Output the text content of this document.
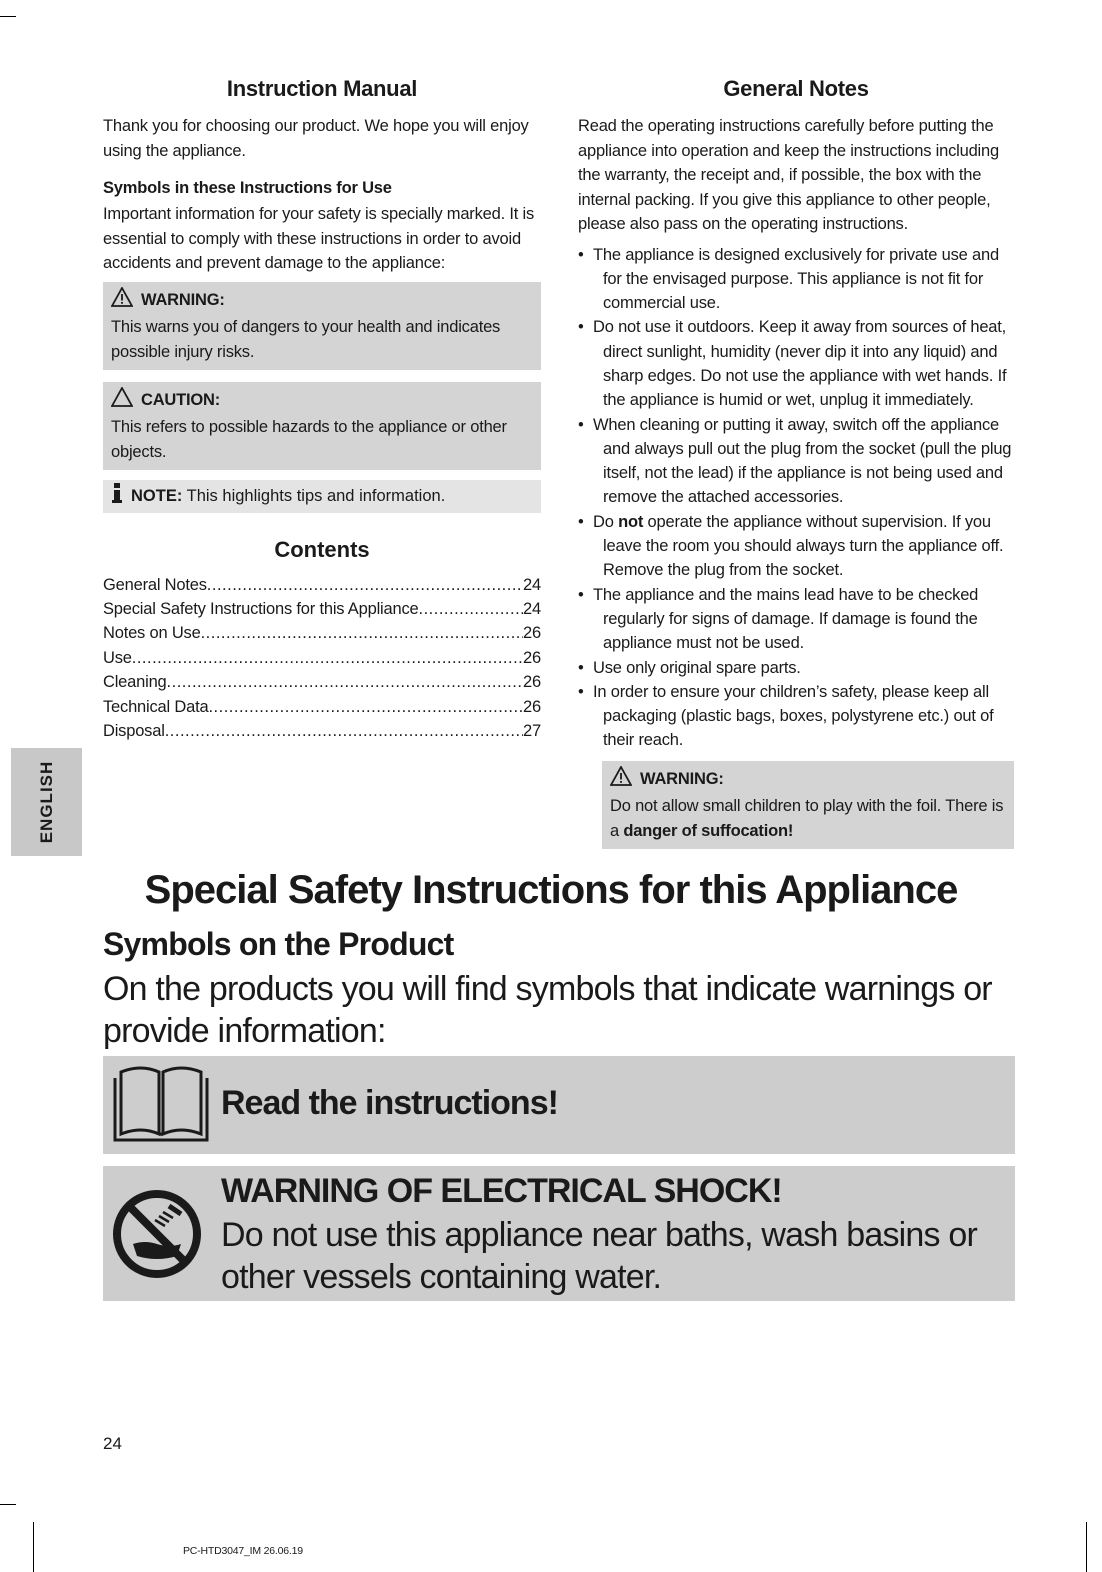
Instruction Manual

Thank you for choosing our product. We hope you will enjoy using the appliance.

Symbols in these Instructions for Use

Important information for your safety is specially marked. It is essential to comply with these instructions in order to avoid accidents and prevent damage to the appliance:

WARNING:
This warns you of dangers to your health and indicates possible injury risks.
CAUTION:
This refers to possible hazards to the appliance or other objects.
NOTE: This highlights tips and information.
Contents
General Notes .....	24
Special Safety Instructions for this Appliance .....	24
Notes on Use .....	26
Use .....	26
Cleaning .....	26
Technical Data .....	26
Disposal .....	27
General Notes

Read the operating instructions carefully before putting the appliance into operation and keep the instructions including the warranty, the receipt and, if possible, the box with the internal packing. If you give this appliance to other people, please also pass on the operating instructions.

• The appliance is designed exclusively for private use and for the envisaged purpose. This appliance is not fit for commercial use.
• Do not use it outdoors. Keep it away from sources of heat, direct sunlight, humidity (never dip it into any liquid) and sharp edges. Do not use the appliance with wet hands. If the appliance is humid or wet, unplug it immediately.
• When cleaning or putting it away, switch off the appliance and always pull out the plug from the socket (pull the plug itself, not the lead) if the appliance is not being used and remove the attached accessories.
• Do not operate the appliance without supervision. If you leave the room you should always turn the appliance off. Remove the plug from the socket.
• The appliance and the mains lead have to be checked regularly for signs of damage. If damage is found the appliance must not be used.
• Use only original spare parts.
• In order to ensure your children’s safety, please keep all packaging (plastic bags, boxes, polystyrene etc.) out of their reach.
WARNING:
Do not allow small children to play with the foil. There is a danger of suffocation!
ENGLISH
Special Safety Instructions for this Appliance
Symbols on the Product

On the products you will find symbols that indicate warnings or provide information:

Read the instructions!
WARNING OF ELECTRICAL SHOCK!
Do not use this appliance near baths, wash basins or other vessels containing water.
24
PC-HTD3047_IM 26.06.19
